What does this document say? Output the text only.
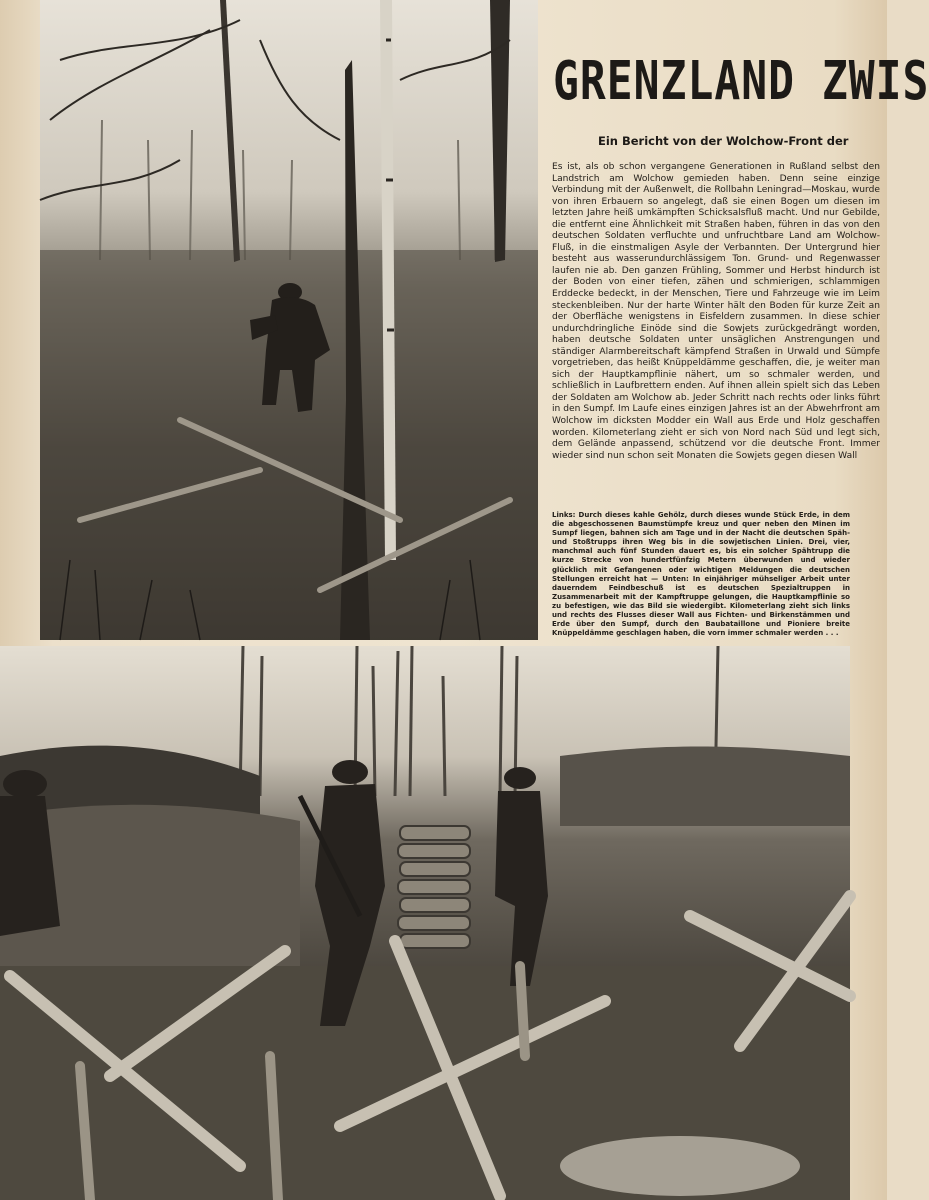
GRENZLAND ZWIS
Ein Bericht von der Wolchow-Front der
Es ist, als ob schon vergangene Generationen in Rußland selbst den Landstrich am Wolchow gemieden haben. Denn seine einzige Verbindung mit der Außenwelt, die Rollbahn Leningrad—Moskau, wurde von ihren Erbauern so angelegt, daß sie einen Bogen um diesen im letzten Jahre heiß umkämpften Schicksalsfluß macht. Und nur Gebilde, die entfernt eine Ähnlichkeit mit Straßen haben, führen in das von den deutschen Soldaten verfluchte und unfruchtbare Land am Wolchow-Fluß, in die einstmaligen Asyle der Verbannten. Der Untergrund hier besteht aus wasserundurchlässigem Ton. Grund- und Regenwasser laufen nie ab. Den ganzen Frühling, Sommer und Herbst hindurch ist der Boden von einer tiefen, zähen und schmierigen, schlammigen Erddecke bedeckt, in der Menschen, Tiere und Fahrzeuge wie im Leim steckenbleiben. Nur der harte Winter hält den Boden für kurze Zeit an der Oberfläche wenigstens in Eisfeldern zusammen. In diese schier undurchdringliche Einöde sind die Sowjets zurückgedrängt worden, haben deutsche Soldaten unter unsäglichen Anstrengungen und ständiger Alarmbereitschaft kämpfend Straßen in Urwald und Sümpfe vorgetrieben, das heißt Knüppeldämme geschaffen, die, je weiter man sich der Hauptkampflinie nähert, um so schmaler werden, und schließlich in Laufbrettern enden. Auf ihnen allein spielt sich das Leben der Soldaten am Wolchow ab. Jeder Schritt nach rechts oder links führt in den Sumpf. Im Laufe eines einzigen Jahres ist an der Abwehrfront am Wolchow im dicksten Modder ein Wall aus Erde und Holz geschaffen worden. Kilometerlang zieht er sich von Nord nach Süd und legt sich, dem Gelände anpassend, schützend vor die deutsche Front. Immer wieder sind nun schon seit Monaten die Sowjets gegen diesen Wall
Links: Durch dieses kahle Gehölz, durch dieses wunde Stück Erde, in dem die abgeschossenen Baumstümpfe kreuz und quer neben den Minen im Sumpf liegen, bahnen sich am Tage und in der Nacht die deutschen Späh- und Stoßtrupps ihren Weg bis in die sowjetischen Linien. Drei, vier, manchmal auch fünf Stunden dauert es, bis ein solcher Spähtrupp die kurze Strecke von hundertfünfzig Metern überwunden und wieder glücklich mit Gefangenen oder wichtigen Meldungen die deutschen Stellungen erreicht hat — Unten: In einjähriger mühseliger Arbeit unter dauerndem Feindbeschuß ist es deutschen Spezialtruppen in Zusammenarbeit mit der Kampftruppe gelungen, die Hauptkampflinie so zu befestigen, wie das Bild sie wiedergibt. Kilometerlang zieht sich links und rechts des Flusses dieser Wall aus Fichten- und Birkenstämmen und Erde über den Sumpf, durch den Baubataillone und Pioniere breite Knüppeldämme geschlagen haben, die vorn immer schmaler werden . . .
